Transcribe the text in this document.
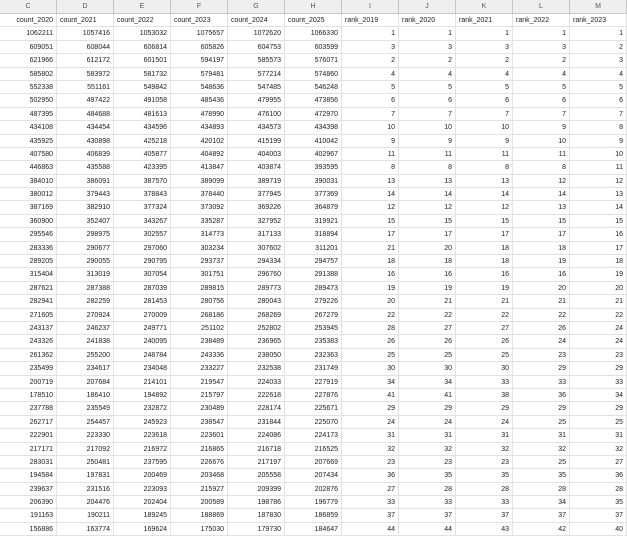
C	D	E	F	G	H	I	J	K	L	M
count_2020	count_2021	count_2022	count_2023	count_2024	count_2025	rank_2019	rank_2020	rank_2021	rank_2022	rank_2023
1062211	1057416	1053032	1075657	1072620	1066330	1	1	1	1	1
609051	608044	606814	605826	604753	603599	3	3	3	3	2
621966	612172	601501	594197	585573	576071	2	2	2	2	3
585802	583972	581732	579481	577214	574860	4	4	4	4	4
552338	551161	549842	548636	547485	546248	5	5	5	5	5
502950	497422	491058	485436	479955	473856	6	6	6	6	6
487395	484688	481613	478990	476100	472970	7	7	7	7	7
434108	434454	434596	434893	434573	434398	10	10	10	9	8
435925	430898	425218	420102	415199	410042	9	9	9	10	9
407580	406839	405877	404892	404003	402967	11	11	11	11	10
446863	435588	423395	413847	403874	393595	8	8	8	8	11
384010	386091	387570	389099	389719	390031	13	13	13	12	12
380012	379443	378843	378440	377945	377369	14	14	14	14	13
387169	382910	377324	373092	369226	364879	12	12	12	13	14
360900	352407	343267	335287	327952	319921	15	15	15	15	15
295546	298975	302557	314773	317133	318894	17	17	17	17	16
283336	290677	297060	303234	307602	311201	21	20	18	18	17
289205	290055	290795	293737	294334	294757	18	18	18	19	18
315404	313019	307054	301751	296760	291388	16	16	16	16	19
287621	287388	287039	289815	289773	289473	19	19	19	20	20
282941	282259	281453	280756	280043	279226	20	21	21	21	21
271605	270924	270009	268186	268269	267279	22	22	22	22	22
243137	246237	249771	251102	252802	253945	28	27	27	26	24
243326	241838	240095	238489	236965	235383	26	26	26	24	24
261362	255200	248784	243336	238050	232363	25	25	25	23	23
235499	234617	234048	233227	232538	231749	30	30	30	29	29
200719	207684	214101	219547	224033	227919	34	34	33	33	33
178510	186410	194892	215797	222618	227876	41	41	38	36	34
237788	235549	232872	230489	228174	225671	29	29	29	29	29
262717	254457	245923	238547	231844	225070	24	24	24	25	25
222901	223330	223618	223601	224086	224173	31	31	31	31	31
217171	217092	216972	216865	216718	216525	32	32	32	32	32
283031	250481	237595	226676	217197	207669	23	23	23	25	27
194584	197831	200469	203468	205558	207434	36	35	35	35	36
239637	231516	223093	215927	209399	202876	27	28	28	28	28
206390	204476	202404	200589	198786	196779	33	33	33	34	35
191163	190211	189245	188869	187830	186859	37	37	37	37	37
156886	163774	169624	175030	179730	184647	44	44	43	42	40
